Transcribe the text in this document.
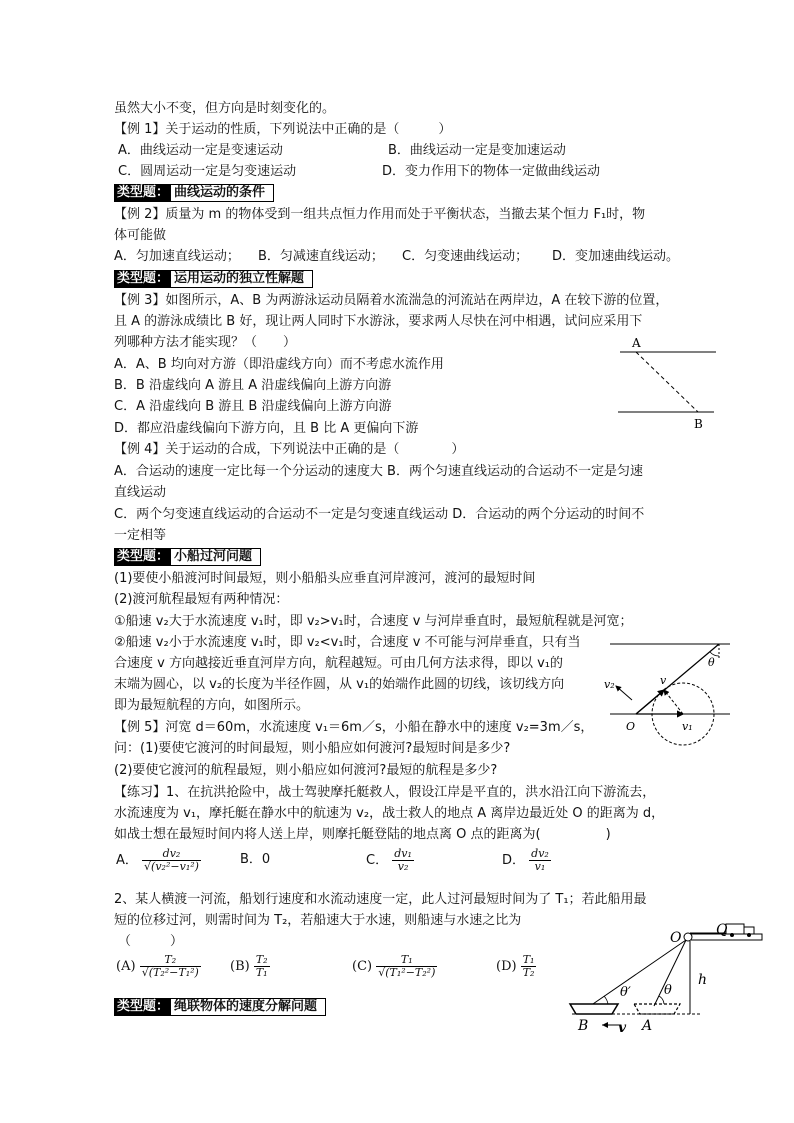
虽然大小不变，但方向是时刻变化的。
【例 1】关于运动的性质，下列说法中正确的是（　　　）
A．曲线运动一定是变速运动	B．曲线运动一定是变加速运动
C．圆周运动一定是匀变速运动	D．变力作用下的物体一定做曲线运动
类型题： 曲线运动的条件
【例 2】质量为 m 的物体受到一组共点恒力作用而处于平衡状态，当撤去某个恒力 F₁时，物
体可能做
A．匀加速直线运动； B．匀减速直线运动； C．匀变速曲线运动； D．变加速曲线运动。
类型题： 运用运动的独立性解题
【例 3】如图所示，A、B 为两游泳运动员隔着水流湍急的河流站在两岸边，A 在较下游的位置，
且 A 的游泳成绩比 B 好，现让两人同时下水游泳，要求两人尽快在河中相遇，试问应采用下
列哪种方法才能实现？（　　）
A．A、B 均向对方游（即沿虚线方向）而不考虑水流作用
B．B 沿虚线向 A 游且 A 沿虚线偏向上游方向游
C．A 沿虚线向 B 游且 B 沿虚线偏向上游方向游
D．都应沿虚线偏向下游方向，且 B 比 A 更偏向下游
A
B
【例 4】关于运动的合成，下列说法中正确的是（　　　　）
A．合运动的速度一定比每一个分运动的速度大 B．两个匀速直线运动的合运动不一定是匀速
直线运动
C．两个匀变速直线运动的合运动不一定是匀变速直线运动 D．合运动的两个分运动的时间不
一定相等
类型题： 小船过河问题
(1)要使小船渡河时间最短，则小船船头应垂直河岸渡河，渡河的最短时间
(2)渡河航程最短有两种情况：
①船速 v₂大于水流速度 v₁时，即 v₂>v₁时，合速度 v 与河岸垂直时，最短航程就是河宽；
②船速 v₂小于水流速度 v₁时，即 v₂<v₁时，合速度 v 不可能与河岸垂直，只有当
合速度 v 方向越接近垂直河岸方向，航程越短。可由几何方法求得，即以 v₁的
末端为圆心，以 v₂的长度为半径作圆，从 v₁的始端作此圆的切线，该切线方向
即为最短航程的方向，如图所示。
θ
v
v₁
v₂
O
【例 5】河宽 d＝60m，水流速度 v₁＝6m／s，小船在静水中的速度 v₂=3m／s，
问：(1)要使它渡河的时间最短，则小船应如何渡河?最短时间是多少?
(2)要使它渡河的航程最短，则小船应如何渡河?最短的航程是多少?
【练习】1、在抗洪抢险中，战士驾驶摩托艇救人，假设江岸是平直的，洪水沿江向下游流去，
水流速度为 v₁，摩托艇在静水中的航速为 v₂，战士救人的地点 A 离岸边最近处 O 的距离为 d，
如战士想在最短时间内将人送上岸，则摩托艇登陆的地点离 O 点的距离为(　　　　　)
A． $\frac{\text{dv₂}}{\text{√(v₂²−v₁²)}}$	B．0	C． $\frac{\text{dv₁}}{\text{v₂}}$	D． $\frac{\text{dv₂}}{\text{v₁}}$
2、某人横渡一河流，船划行速度和水流动速度一定，此人过河最短时间为了 T₁；若此船用最
短的位移过河，则需时间为 T₂，若船速大于水速，则船速与水速之比为
（　　　）
$(A) \frac{\text{T₂}}{\text{√(T₂²−T₁²)}} (B) \frac{\text{T₂}}{\text{T₁}}$	$(C) \frac{\text{T₁}}{\text{√(T₁²−T₂²)}}$	$(D) \frac{\text{T₁}}{\text{T₂}}$
类型题： 绳联物体的速度分解问题
O Q
h
θ′	θ
B v A
